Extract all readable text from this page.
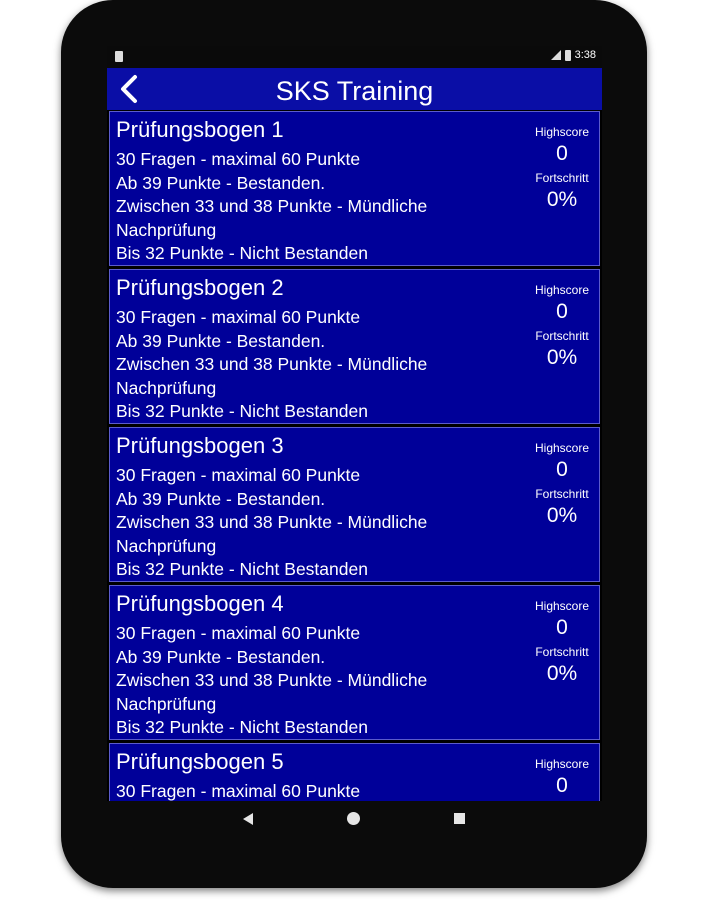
3:38
SKS Training
Prüfungsbogen 1
30 Fragen - maximal 60 Punkte
Ab 39 Punkte - Bestanden.
Zwischen 33 und 38 Punkte - Mündliche
Nachprüfung
Bis 32 Punkte - Nicht Bestanden
Highscore
0
Fortschritt
0%
Prüfungsbogen 2
30 Fragen - maximal 60 Punkte
Ab 39 Punkte - Bestanden.
Zwischen 33 und 38 Punkte - Mündliche
Nachprüfung
Bis 32 Punkte - Nicht Bestanden
Highscore
0
Fortschritt
0%
Prüfungsbogen 3
30 Fragen - maximal 60 Punkte
Ab 39 Punkte - Bestanden.
Zwischen 33 und 38 Punkte - Mündliche
Nachprüfung
Bis 32 Punkte - Nicht Bestanden
Highscore
0
Fortschritt
0%
Prüfungsbogen 4
30 Fragen - maximal 60 Punkte
Ab 39 Punkte - Bestanden.
Zwischen 33 und 38 Punkte - Mündliche
Nachprüfung
Bis 32 Punkte - Nicht Bestanden
Highscore
0
Fortschritt
0%
Prüfungsbogen 5
30 Fragen - maximal 60 Punkte
Highscore
0
